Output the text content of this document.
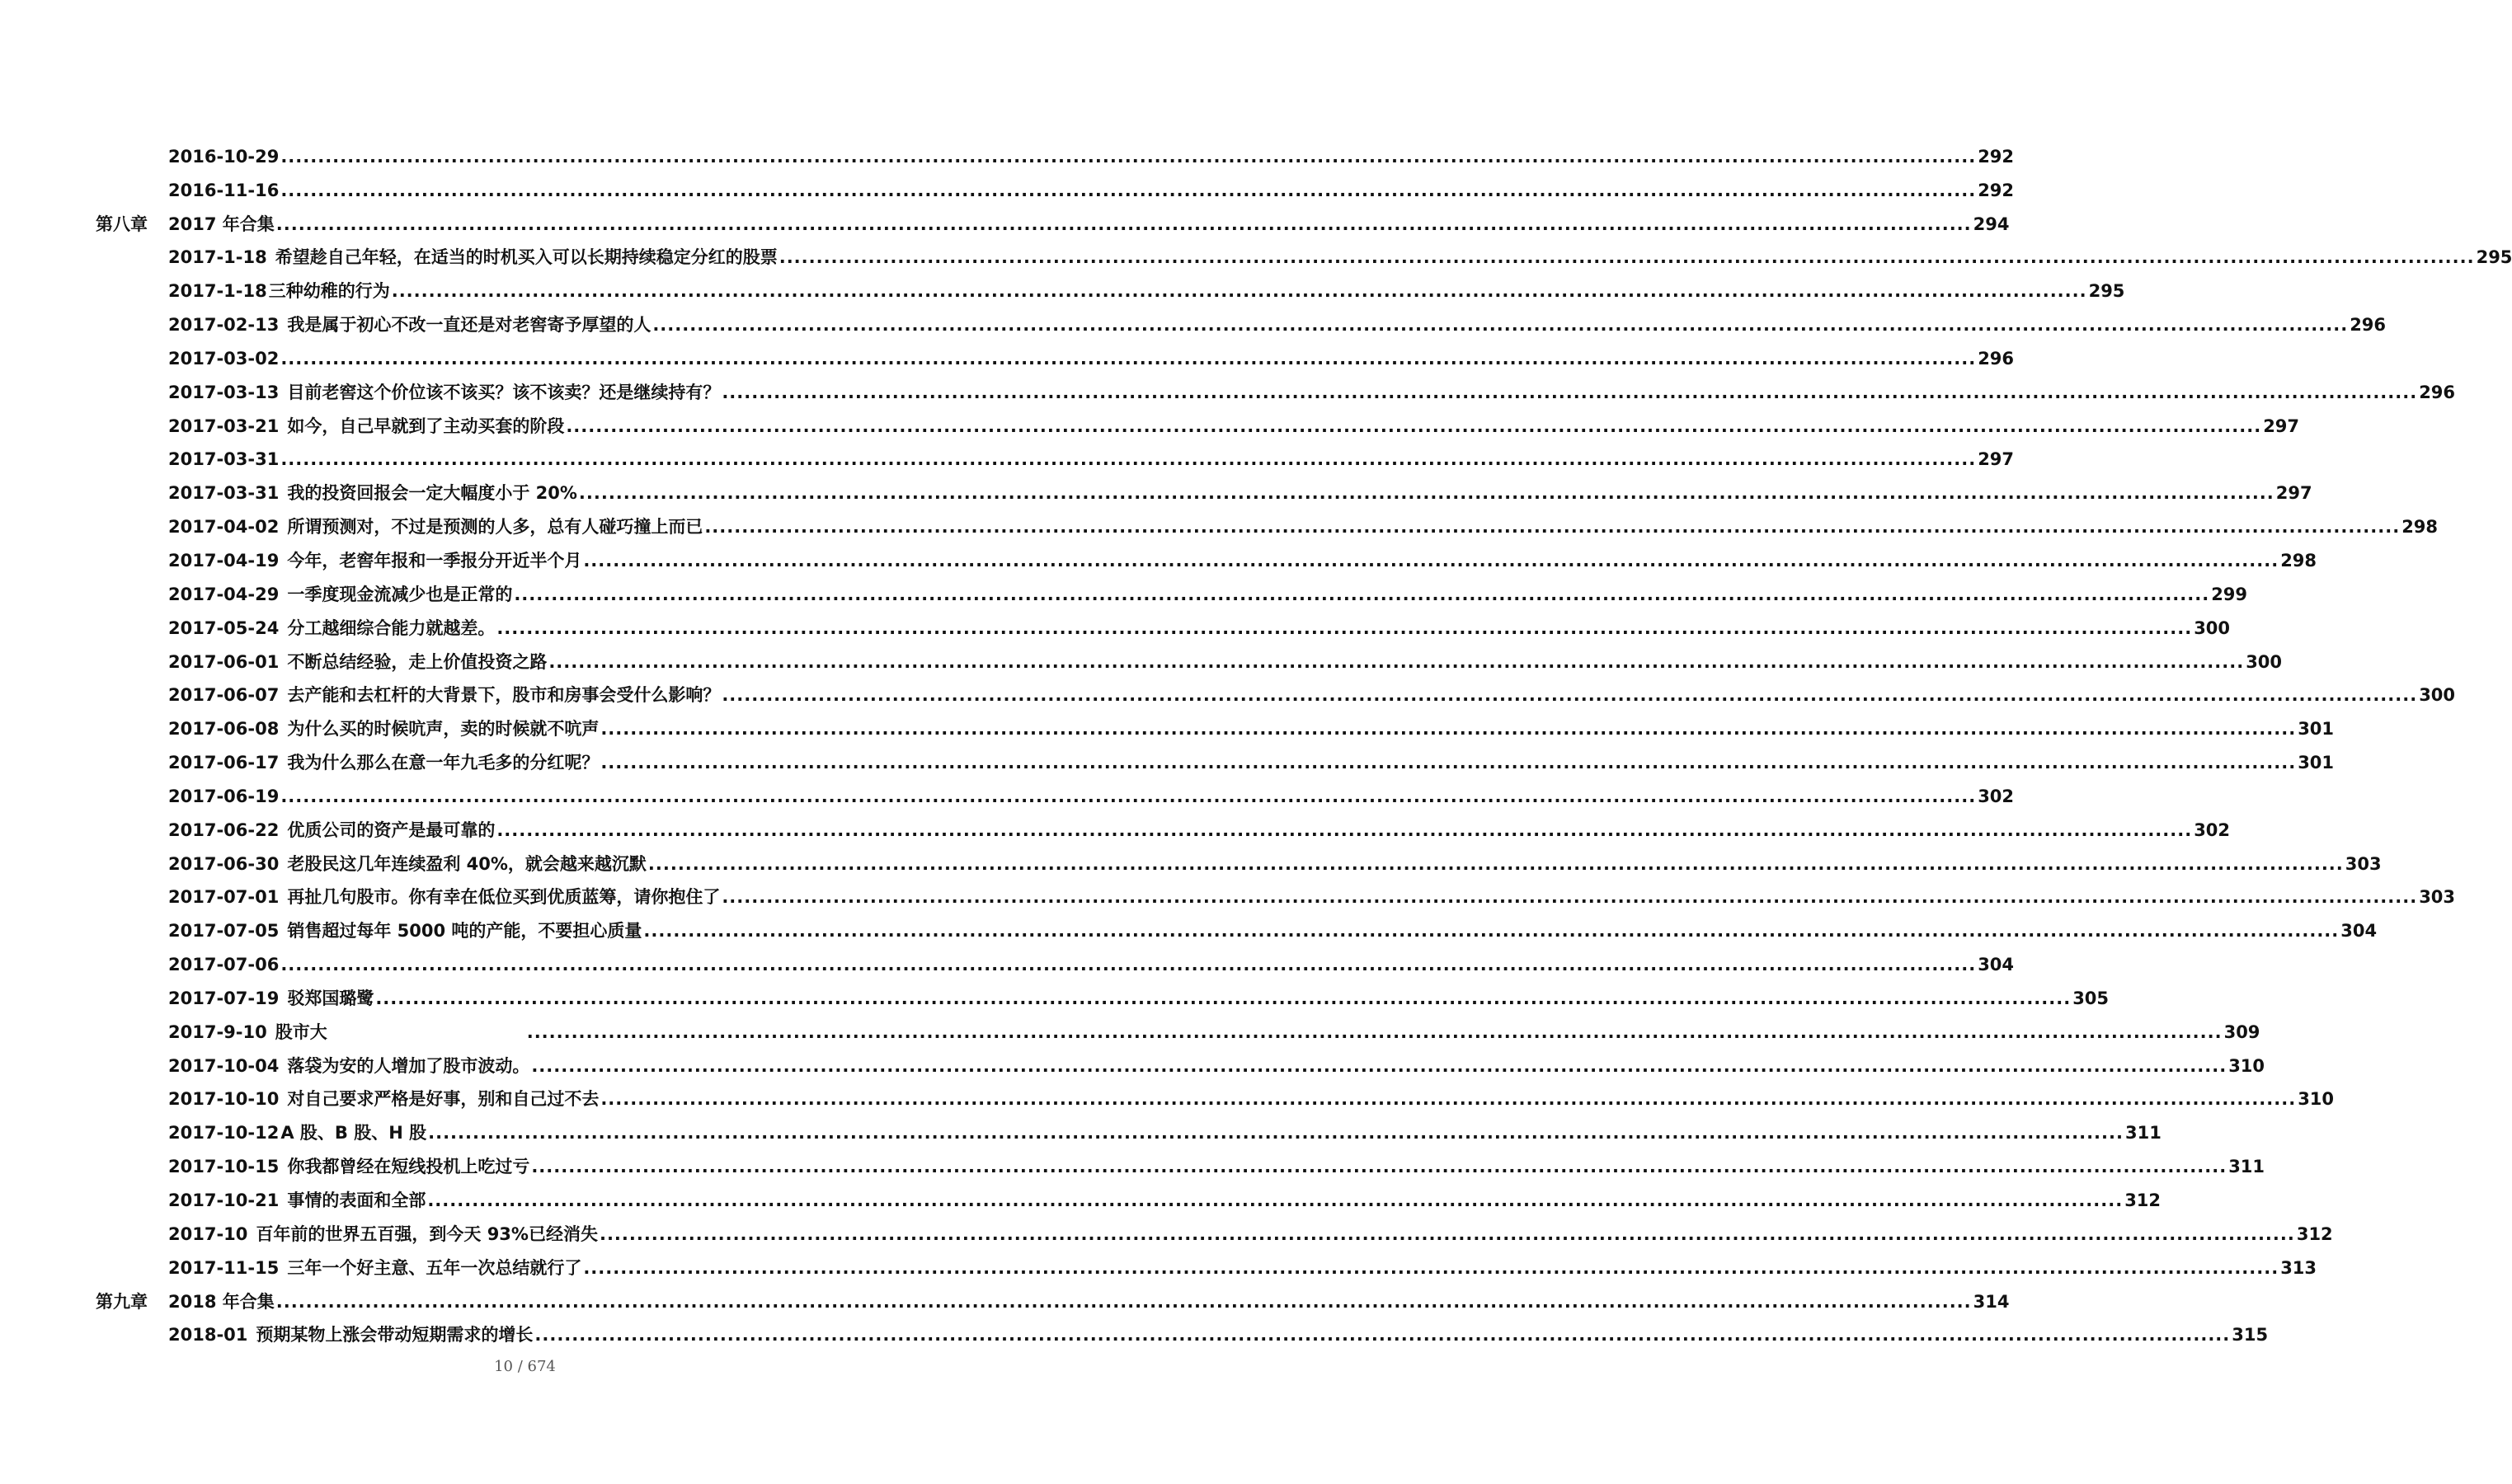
2016-10-29 .....	292
2016-11-16 .....	292
第八章	2017 年合集 .....	294
2017-1-18 希望趁自己年轻，在适当的时机买入可以长期持续稳定分红的股票 .....	295
2017-1-18 三种幼稚的行为 .....	295
2017-02-13 我是属于初心不改一直还是对老窖寄予厚望的人 .....	296
2017-03-02 .....	296
2017-03-13 目前老窖这个价位该不该买？该不该卖？还是继续持有？ .....	296
2017-03-21 如今，自己早就到了主动买套的阶段 .....	297
2017-03-31 .....	297
2017-03-31 我的投资回报会一定大幅度小于 20% .....	297
2017-04-02 所谓预测对，不过是预测的人多，总有人碰巧撞上而已 .....	298
2017-04-19 今年，老窖年报和一季报分开近半个月 .....	298
2017-04-29 一季度现金流减少也是正常的 .....	299
2017-05-24 分工越细综合能力就越差。 .....	300
2017-06-01 不断总结经验，走上价值投资之路 .....	300
2017-06-07 去产能和去杠杆的大背景下，股市和房事会受什么影响？ .....	300
2017-06-08 为什么买的时候吭声，卖的时候就不吭声 .....	301
2017-06-17 我为什么那么在意一年九毛多的分红呢？ .....	301
2017-06-19 .....	302
2017-06-22 优质公司的资产是最可靠的 .....	302
2017-06-30 老股民这几年连续盈利 40%，就会越来越沉默 .....	303
2017-07-01 再扯几句股市。你有幸在低位买到优质蓝筹，请你抱住了 .....	303
2017-07-05 销售超过每年 5000 吨的产能，不要担心质量 .....	304
2017-07-06 .....	304
2017-07-19 驳郑国璐鹭 .....	305
2017-9-10 股市大 .....	309
2017-10-04 落袋为安的人增加了股市波动。 .....	310
2017-10-10 对自己要求严格是好事，别和自己过不去 .....	310
2017-10-12 A 股、B 股、H 股 .....	311
2017-10-15 你我都曾经在短线投机上吃过亏 .....	311
2017-10-21 事情的表面和全部 .....	312
2017-10 百年前的世界五百强，到今天 93%已经消失 .....	312
2017-11-15 三年一个好主意、五年一次总结就行了 .....	313
第九章	2018 年合集 .....	314
2018-01 预期某物上涨会带动短期需求的增长 .....	315
10 / 674
